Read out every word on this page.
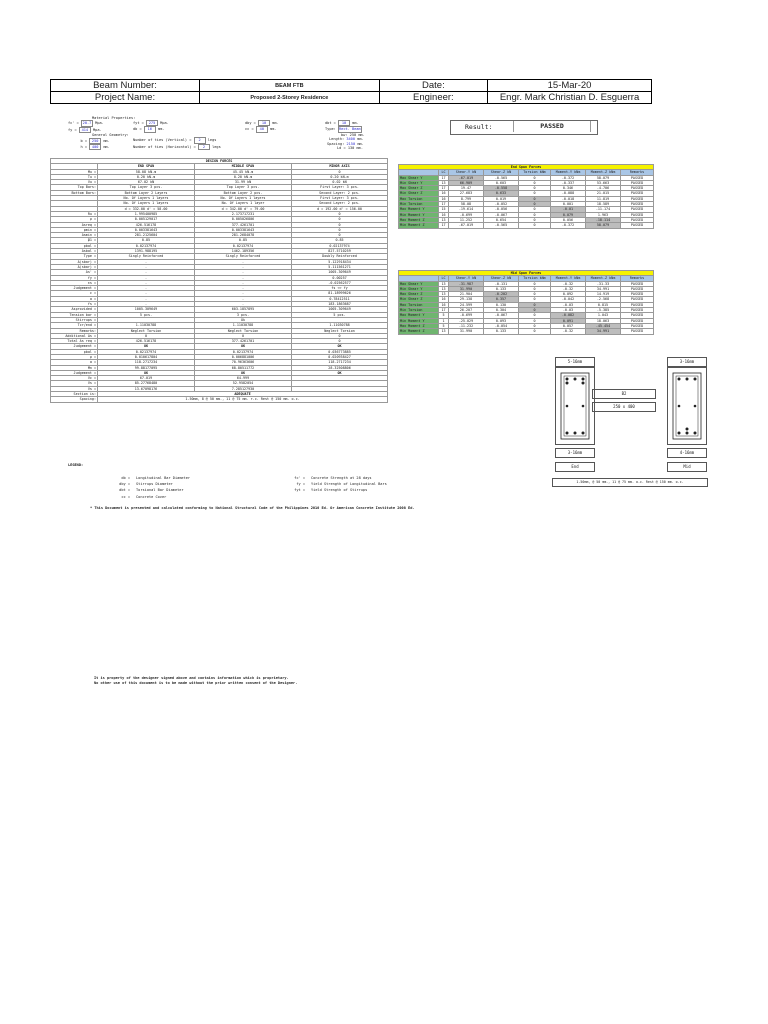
Beam Number:	BEAM FTB	Date:	15-Mar-20
Project Name:	Proposed 2-Storey Residence	Engineer:	Engr. Mark Christian D. Esguerra
Material Properties:
fc' = 20.7 Mpa.
fy = 414 Mpa.
General Geometry:
b = 250 mm.
h = 400 mm.
fyt = 275 Mpa.
db = 16 mm.
Number of ties (Vertical) = 2 legs
Number of ties (Horizontal) = 2 legs
dby = 10 mm.
cc = 40 mm.
dbt = 10 mm.
Type: Rect. Beam
bw: 250 mm.
Length: 3400 mm.
Spacing: 2150 mm.
Ld = 130 mm.
Result:	PASSED
DESIGN FORCES			
	END SPAN	MIDDLE SPAN	MINOR AXIS
Mu =	58.08 kN-m	45.45 kN-m	0
Tu =	0.20 kN-m	0.20 kN-m	0.20 kN-m
Vu =	67.02 kN	31.99 kN	0.02 kN
Top Bars:	Top Layer 3 pcs.	Top Layer 3 pcs.	First Layer: 3 pcs.
Bottom Bars:	Bottom Layer 2 Layers	Bottom Layer 2 pcs.	Second Layer: 2 pcs.
	No. Of Layers 1 layers	No. Of Layers 1 layers	First Layer: 3 pcs.
	No. Of Layers 1 layers	No. Of Layers 1 layer	Second Layer: 2 pcs.
	d = 332.00 d' = 58.00	d = 342.00 d' = 79.00	d = 192.00 d' = 156.00
Ru =	1.995400985	2.173717231	0
ρ =	0.005129017	0.005026806	0
Asreq =	426.516178	377.4261701	0
pmin =	0.003381643	0.003381643	0
Asmin =	281.2125604	281.2684078	0
β1 =	0.85	0.85	0.85
pbal =	0.02137974	0.02137974	0.02137974
Asbal =	1391.988195	1462.189356	827.5710259
Type =	Singly Reinforced	Singly Reinforced	Doubly Reinforced
Δ(sbar) =	-	-	5.122918434
Δ(sbar) =	-	-	5.111561271
As' =	-	-	1005.309649
fy =	-	-	0.00257
εs =	-	-	-0.02562577
Judgement =	-	-	fs <> fy
c =	-	-	81.18999626
a =	-	-	0.78412511
fs =	-	-	183.1863687
Asprovided =	1005.309649	603.1857895	1005.309649
Tension bar =	5 pcs.	3 pcs.	5 pcs.
Stirrups =		Ok	
Tcr/end =	1.11030788	1.11030788	1.11030788
Remarks:	Neglect Torsion	Neglect Torsion	Neglect Torsion
Additional As =	0	0	0
Total As req =	426.516178	377.4261701	0
Judgement =	OK	OK	OK
pbal =	0.02137974	0.02137974	0.036773885
ρ =	0.010617804	0.006881006	0.020938427
a =	118.2717234	70.96363606	118.2717234
Mn =	99.88177095	68.80511772	28.32508806
Judgement =	OK	OK	OK
Vc =	67.019	64.999	
Vs =	85.27768480	52.9582054	
Vs =	13.67098176	7.285127930	
Section is:	ADEQUATE		
Spacing:	1-50mm, 8 @ 50 mm., 11 @ 75 mm. r.c. Rest @ 150 mm. o.c.		
End Span Forces							
	LC	Shear-Y kN	Shear-Z kN	Torsion kNm	Moment-Y kNm	Moment-Z kNm	Remarks
Max Shear Y	17	-67.019	-0.565	0	-0.372	58.079	PASSED
Min Shear Y	13	66.909	0.603	0	-0.337	53.663	PASSED
Max Shear Z	17	19.47	-0.558	0	0.346	-4.706	PASSED
Min Shear Z	16	27.683	0.633	0	-0.088	21.015	PASSED
Max Torsion	16	8.799	0.019	0	-0.018	11.819	PASSED
Min Torsion	17	58.08	-0.052	0	0.001	18.589	PASSED
Max Moment Y	15	-19.614	-0.056	0	-0.01	-11.174	PASSED
Min Moment Y	16	-0.699	-0.067	0	0.079	1.963	PASSED
Max Moment Z	13	11.252	0.654	0	0.056	-18.114	PASSED
Min Moment Z	17	-67.019	-0.565	0	-0.372	58.079	PASSED
Mid Span Forces							
	LC	Shear-Y kN	Shear-Z kN	Torsion kNm	Moment-Y kNm	Moment-Z kNm	Remarks
Max Shear Y	13	-31.987	-0.131	0	-0.32	-31.33	PASSED
Min Shear Y	13	31.990	0.133	0	-0.32	34.991	PASSED
Max Shear Z	13	21.904	-0.202	0	0.092	14.919	PASSED
Min Shear Z	16	29.138	0.357	0	-0.042	-2.568	PASSED
Max Torsion	16	24.599	0.130	0	-0.03	0.815	PASSED
Min Torsion	17	26.207	0.304	0	-0.03	-5.385	PASSED
Max Moment Y	5	-0.699	-0.067	0	-0.082	1.043	PASSED
Min Moment Y	1	-25.029	0.093	0	0.091	18.063	PASSED
Max Moment Z	5	-11.232	-0.054	0	0.057	-45.454	PASSED
Min Moment Z	13	31.990	0.133	0	-0.32	34.991	PASSED
5-16mm	3-16mm
B2
250 x 400
3-16mm	4-16mm
End	Mid
1-50mm, @ 50 mm., 11 @ 75 mm. o.c. Rest @ 150 mm. o.c.
LEGEND:
db = Longitudinal Bar Diameter
dby = Stirrups Diameter
dbt = Torsional Bar Diameter
cc = Concrete Cover
fc' = Concrete Strength at 28 days
fy = Yield Strength of Longitudinal Bars
fyt = Yield Strength of Stirrups
* This Document is presented and calculated conforming to National Structural Code of the Philippines 2010 Ed. Or American Concrete Institute 2008 Ed.
It is property of the designer signed above and contains information which is proprietary.
No other use of this document is to be made without the prior written consent of the Designer.
